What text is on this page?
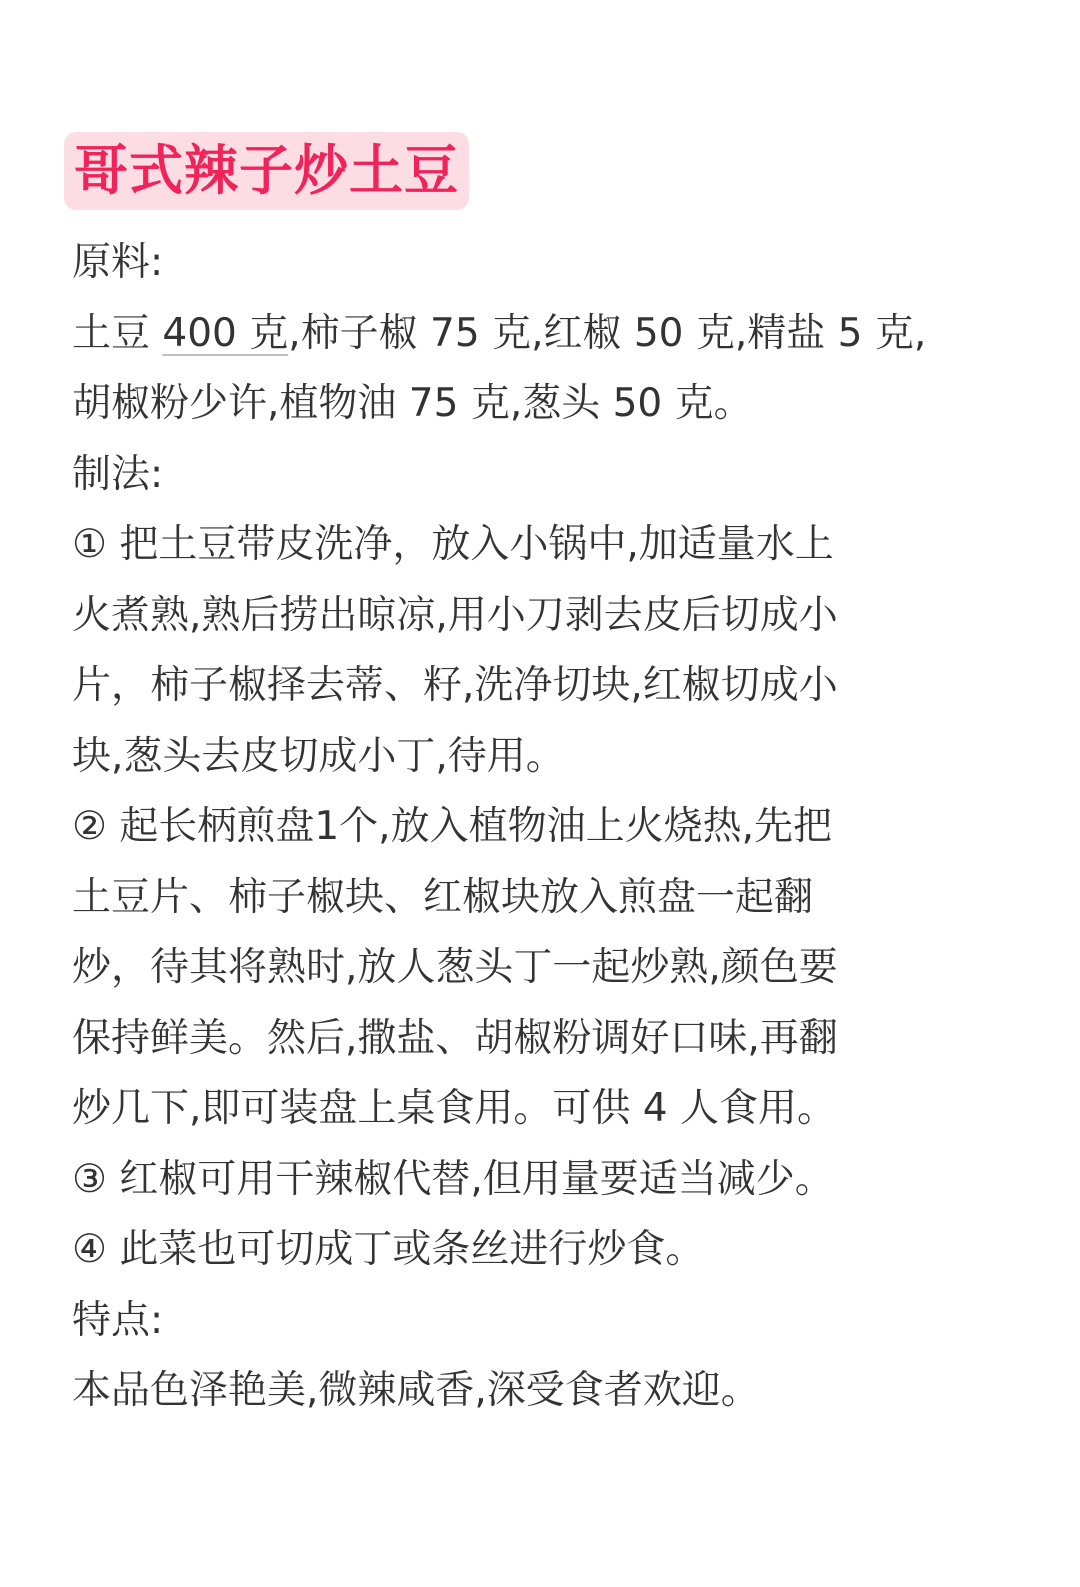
哥式辣子炒土豆
原料:
土豆 400 克,柿子椒 75 克,红椒 50 克,精盐 5 克,
胡椒粉少许,植物油 75 克,葱头 50 克。
制法:
① 把土豆带皮洗净，放入小锅中,加适量水上
火煮熟,熟后捞出晾凉,用小刀剥去皮后切成小
片，柿子椒择去蒂、籽,洗净切块,红椒切成小
块,葱头去皮切成小丁,待用。
② 起长柄煎盘1个,放入植物油上火烧热,先把
土豆片、柿子椒块、红椒块放入煎盘一起翻
炒，待其将熟时,放人葱头丁一起炒熟,颜色要
保持鲜美。然后,撒盐、胡椒粉调好口味,再翻
炒几下,即可装盘上桌食用。可供 4 人食用。
③ 红椒可用干辣椒代替,但用量要适当减少。
④ 此菜也可切成丁或条丝进行炒食。
特点:
本品色泽艳美,微辣咸香,深受食者欢迎。
